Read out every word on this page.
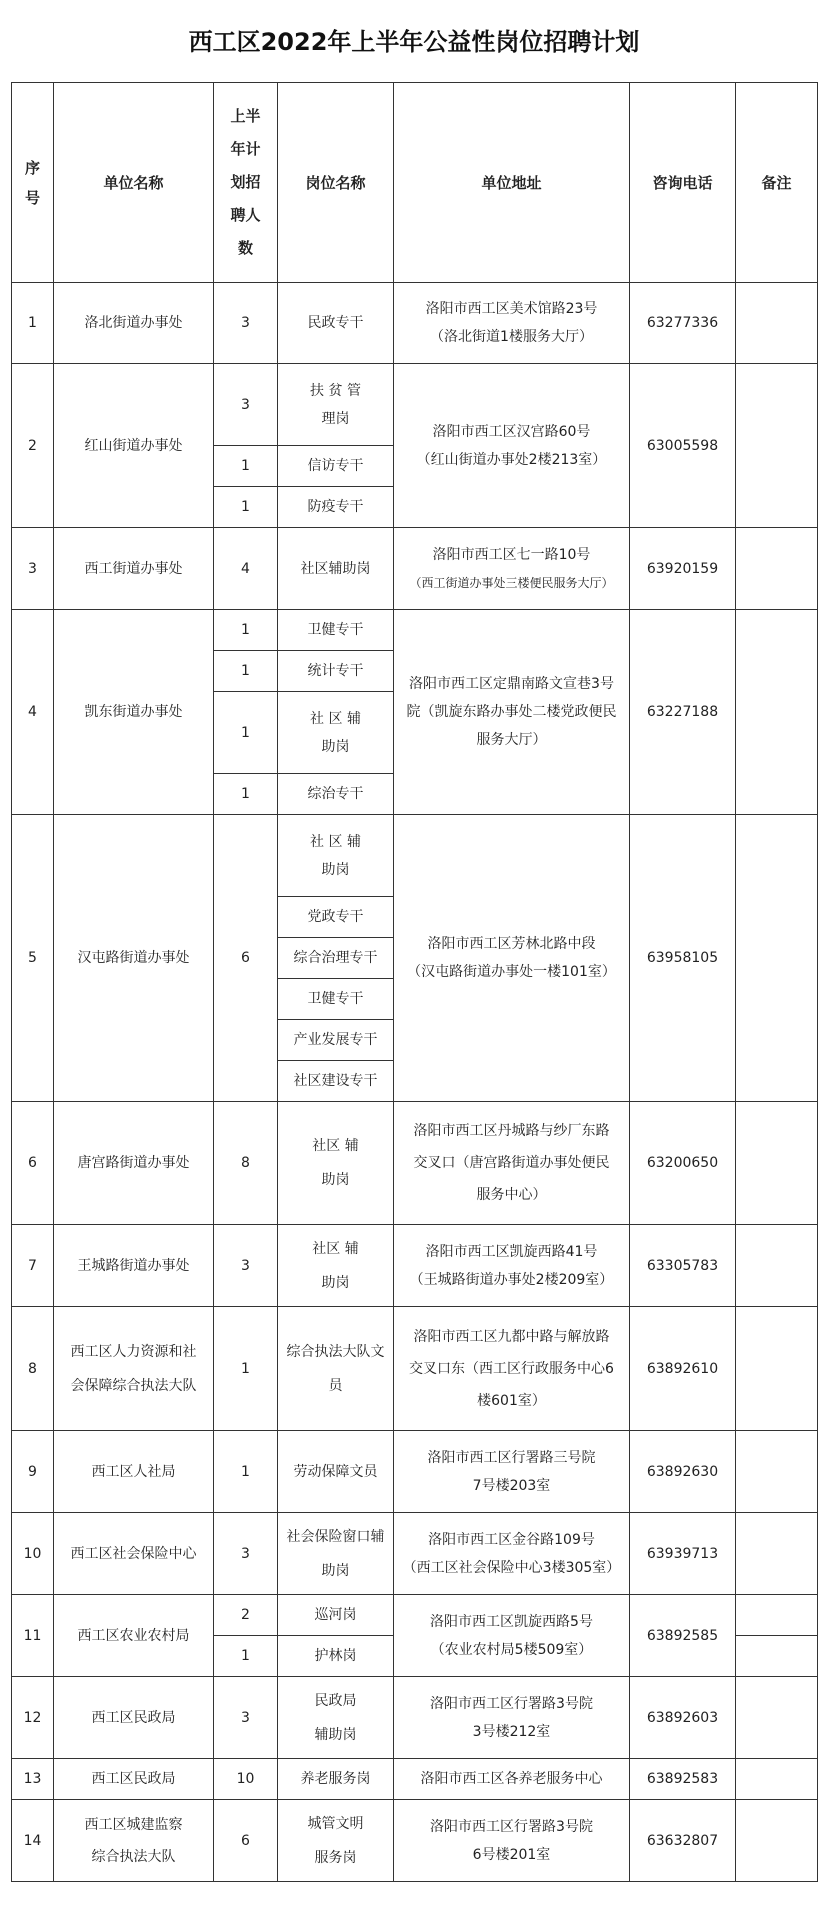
西工区2022年上半年公益性岗位招聘计划
序号	单位名称	上半年计划招聘人数	岗位名称	单位地址	咨询电话	备注
1	洛北街道办事处	3	民政专干	洛阳市西工区美术馆路23号
（洛北街道1楼服务大厅）	63277336	
2	红山街道办事处	3	扶 贫 管理岗	洛阳市西工区汉宫路60号
（红山街道办事处2楼213室）	63005598	
		1	信访专干			
		1	防疫专干			
3	西工街道办事处	4	社区辅助岗	洛阳市西工区七一路10号
（西工街道办事处三楼便民服务大厅）	63920159	
4	凯东街道办事处	1	卫健专干	洛阳市西工区定鼎南路文宣巷3号院（凯旋东路办事处二楼党政便民服务大厅）	63227188	
		1	统计专干			
		1	社 区 辅助岗			
		1	综治专干			
5	汉屯路街道办事处	6	社 区 辅助岗	洛阳市西工区芳林北路中段
（汉屯路街道办事处一楼101室）	63958105	
			党政专干			
			综合治理专干			
			卫健专干			
			产业发展专干			
			社区建设专干			
6	唐宫路街道办事处	8	社区 辅助岗	洛阳市西工区丹城路与纱厂东路交叉口（唐宫路街道办事处便民服务中心）	63200650	
7	王城路街道办事处	3	社区 辅助岗	洛阳市西工区凯旋西路41号
（王城路街道办事处2楼209室）	63305783	
8	西工区人力资源和社会保障综合执法大队	1	综合执法大队文员	洛阳市西工区九都中路与解放路交叉口东（西工区行政服务中心6楼601室）	63892610	
9	西工区人社局	1	劳动保障文员	洛阳市西工区行署路三号院
7号楼203室	63892630	
10	西工区社会保险中心	3	社会保险窗口辅助岗	洛阳市西工区金谷路109号
（西工区社会保险中心3楼305室）	63939713	
11	西工区农业农村局	2	巡河岗	洛阳市西工区凯旋西路5号
（农业农村局5楼509室）	63892585	
		1	护林岗			
12	西工区民政局	3	民政局 辅助岗	洛阳市西工区行署路3号院
3号楼212室	63892603	
13	西工区民政局	10	养老服务岗	洛阳市西工区各养老服务中心	63892583	
14	西工区城建监察综合执法大队	6	城管文明 服务岗	洛阳市西工区行署路3号院
6号楼201室	63632807	
